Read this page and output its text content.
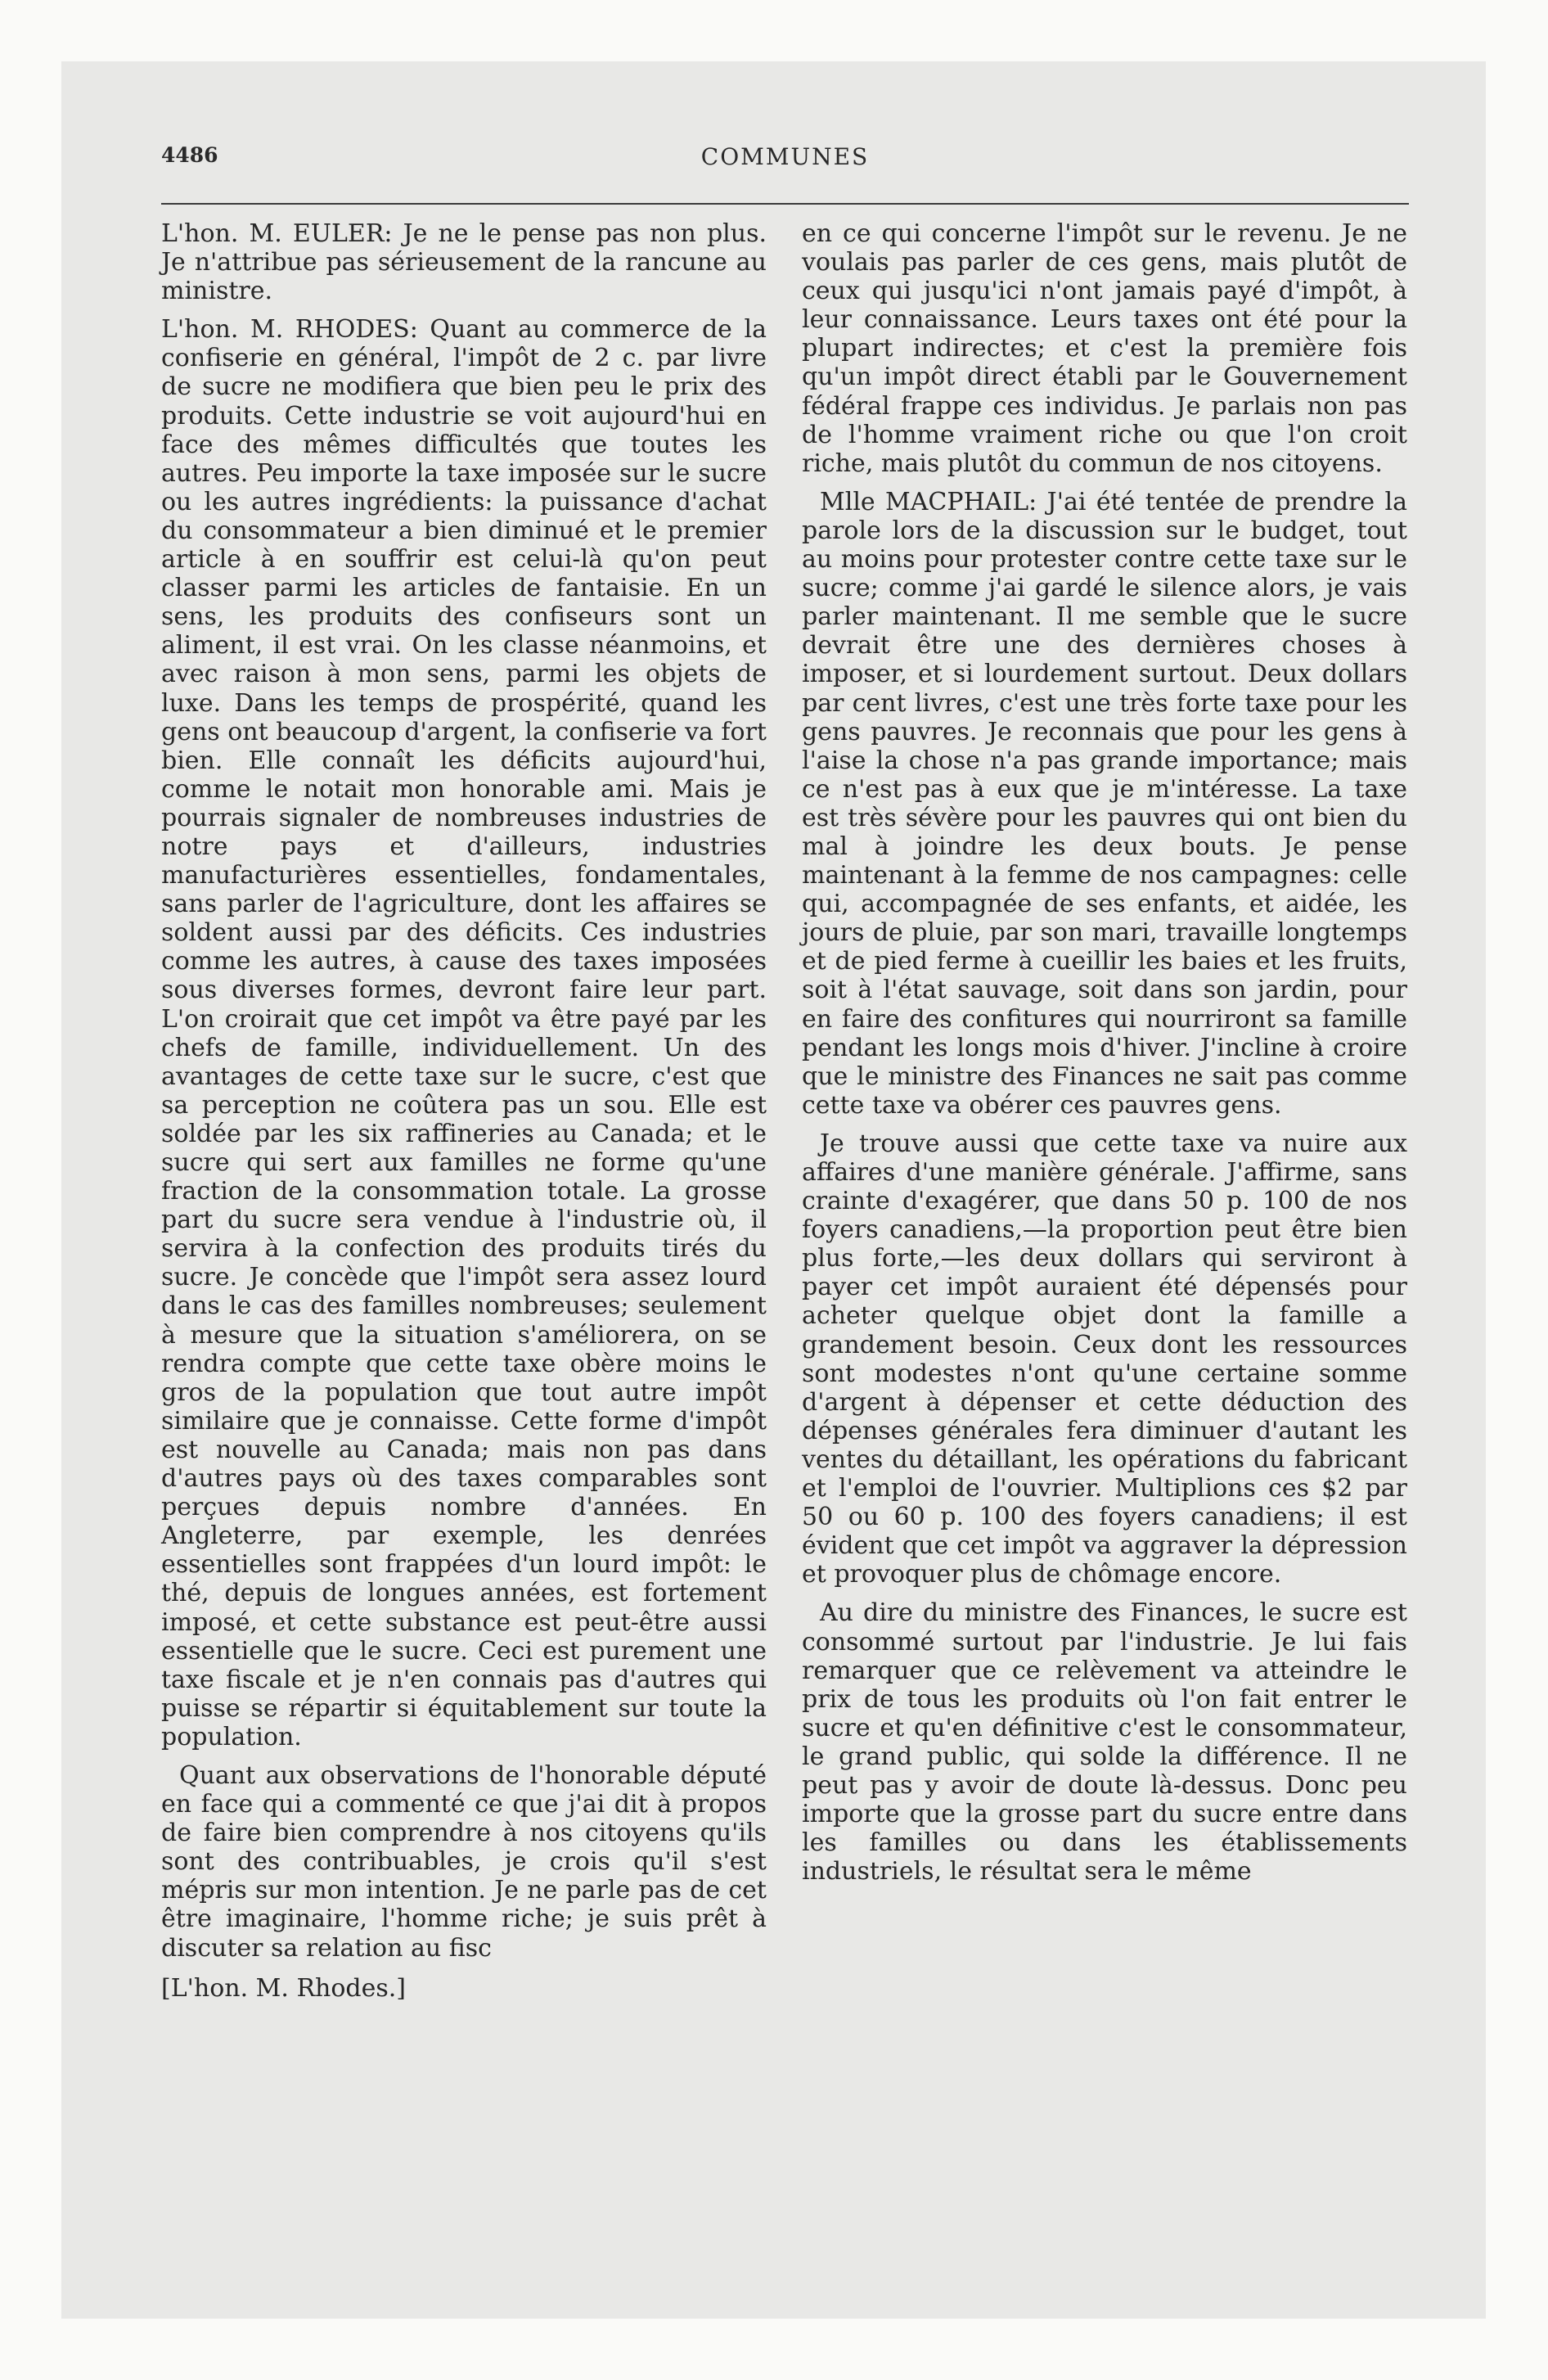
4486	COMMUNES

L'hon. M. EULER: Je ne le pense pas non plus. Je n'attribue pas sérieusement de la rancune au ministre.

L'hon. M. RHODES: Quant au commerce de la confiserie en général, l'impôt de 2 c. par livre de sucre ne modifiera que bien peu le prix des produits. Cette industrie se voit aujourd'hui en face des mêmes difficultés que toutes les autres. Peu importe la taxe imposée sur le sucre ou les autres ingrédients: la puissance d'achat du consommateur a bien diminué et le premier article à en souffrir est celui-là qu'on peut classer parmi les articles de fantaisie. En un sens, les produits des confiseurs sont un aliment, il est vrai. On les classe néanmoins, et avec raison à mon sens, parmi les objets de luxe. Dans les temps de prospérité, quand les gens ont beaucoup d'argent, la confiserie va fort bien. Elle connaît les déficits aujourd'hui, comme le notait mon honorable ami. Mais je pourrais signaler de nombreuses industries de notre pays et d'ailleurs, industries manufacturières essentielles, fondamentales, sans parler de l'agriculture, dont les affaires se soldent aussi par des déficits. Ces industries comme les autres, à cause des taxes imposées sous diverses formes, devront faire leur part. L'on croirait que cet impôt va être payé par les chefs de famille, individuellement. Un des avantages de cette taxe sur le sucre, c'est que sa perception ne coûtera pas un sou. Elle est soldée par les six raffineries au Canada; et le sucre qui sert aux familles ne forme qu'une fraction de la consommation totale. La grosse part du sucre sera vendue à l'industrie où, il servira à la confection des produits tirés du sucre. Je concède que l'impôt sera assez lourd dans le cas des familles nombreuses; seulement à mesure que la situation s'améliorera, on se rendra compte que cette taxe obère moins le gros de la population que tout autre impôt similaire que je connaisse. Cette forme d'impôt est nouvelle au Canada; mais non pas dans d'autres pays où des taxes comparables sont perçues depuis nombre d'années. En Angleterre, par exemple, les denrées essentielles sont frappées d'un lourd impôt: le thé, depuis de longues années, est fortement imposé, et cette substance est peut-être aussi essentielle que le sucre. Ceci est purement une taxe fiscale et je n'en connais pas d'autres qui puisse se répartir si équitablement sur toute la population.

Quant aux observations de l'honorable député en face qui a commenté ce que j'ai dit à propos de faire bien comprendre à nos citoyens qu'ils sont des contribuables, je crois qu'il s'est mépris sur mon intention. Je ne parle pas de cet être imaginaire, l'homme riche; je suis prêt à discuter sa relation au fisc

[L'hon. M. Rhodes.]

en ce qui concerne l'impôt sur le revenu. Je ne voulais pas parler de ces gens, mais plutôt de ceux qui jusqu'ici n'ont jamais payé d'impôt, à leur connaissance. Leurs taxes ont été pour la plupart indirectes; et c'est la première fois qu'un impôt direct établi par le Gouvernement fédéral frappe ces individus. Je parlais non pas de l'homme vraiment riche ou que l'on croit riche, mais plutôt du commun de nos citoyens.

Mlle MACPHAIL: J'ai été tentée de prendre la parole lors de la discussion sur le budget, tout au moins pour protester contre cette taxe sur le sucre; comme j'ai gardé le silence alors, je vais parler maintenant. Il me semble que le sucre devrait être une des dernières choses à imposer, et si lourdement surtout. Deux dollars par cent livres, c'est une très forte taxe pour les gens pauvres. Je reconnais que pour les gens à l'aise la chose n'a pas grande importance; mais ce n'est pas à eux que je m'intéresse. La taxe est très sévère pour les pauvres qui ont bien du mal à joindre les deux bouts. Je pense maintenant à la femme de nos campagnes: celle qui, accompagnée de ses enfants, et aidée, les jours de pluie, par son mari, travaille longtemps et de pied ferme à cueillir les baies et les fruits, soit à l'état sauvage, soit dans son jardin, pour en faire des confitures qui nourriront sa famille pendant les longs mois d'hiver. J'incline à croire que le ministre des Finances ne sait pas comme cette taxe va obérer ces pauvres gens.

Je trouve aussi que cette taxe va nuire aux affaires d'une manière générale. J'affirme, sans crainte d'exagérer, que dans 50 p. 100 de nos foyers canadiens,—la proportion peut être bien plus forte,—les deux dollars qui serviront à payer cet impôt auraient été dépensés pour acheter quelque objet dont la famille a grandement besoin. Ceux dont les ressources sont modestes n'ont qu'une certaine somme d'argent à dépenser et cette déduction des dépenses générales fera diminuer d'autant les ventes du détaillant, les opérations du fabricant et l'emploi de l'ouvrier. Multiplions ces $2 par 50 ou 60 p. 100 des foyers canadiens; il est évident que cet impôt va aggraver la dépression et provoquer plus de chômage encore.

Au dire du ministre des Finances, le sucre est consommé surtout par l'industrie. Je lui fais remarquer que ce relèvement va atteindre le prix de tous les produits où l'on fait entrer le sucre et qu'en définitive c'est le consommateur, le grand public, qui solde la différence. Il ne peut pas y avoir de doute là-dessus. Donc peu importe que la grosse part du sucre entre dans les familles ou dans les établissements industriels, le résultat sera le même
